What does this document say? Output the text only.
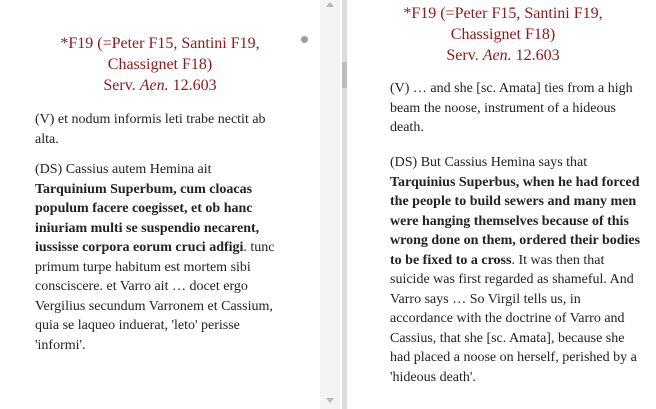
*F19 (=Peter F15, Santini F19,
Chassignet F18)
Serv. Aen. 12.603

(V) et nodum informis leti trabe nectit ab alta.

(DS) Cassius autem Hemina ait Tarquinium Superbum, cum cloacas populum facere coegisset, et ob hanc iniuriam multi se suspendio necarent, iussisse corpora eorum cruci adfigi. tunc primum turpe habitum est mortem sibi consciscere. et Varro ait … docet ergo Vergilius secundum Varronem et Cassium, quia se laqueo induerat, 'leto' perisse 'informi'.

*F19 (=Peter F15, Santini F19,
Chassignet F18)
Serv. Aen. 12.603

(V) … and she [sc. Amata] ties from a high beam the noose, instrument of a hideous death.

(DS) But Cassius Hemina says that Tarquinius Superbus, when he had forced the people to build sewers and many men were hanging themselves because of this wrong done on them, ordered their bodies to be fixed to a cross. It was then that suicide was first regarded as shameful. And Varro says … So Virgil tells us, in accordance with the doctrine of Varro and Cassius, that she [sc. Amata], because she had placed a noose on herself, perished by a 'hideous death'.
